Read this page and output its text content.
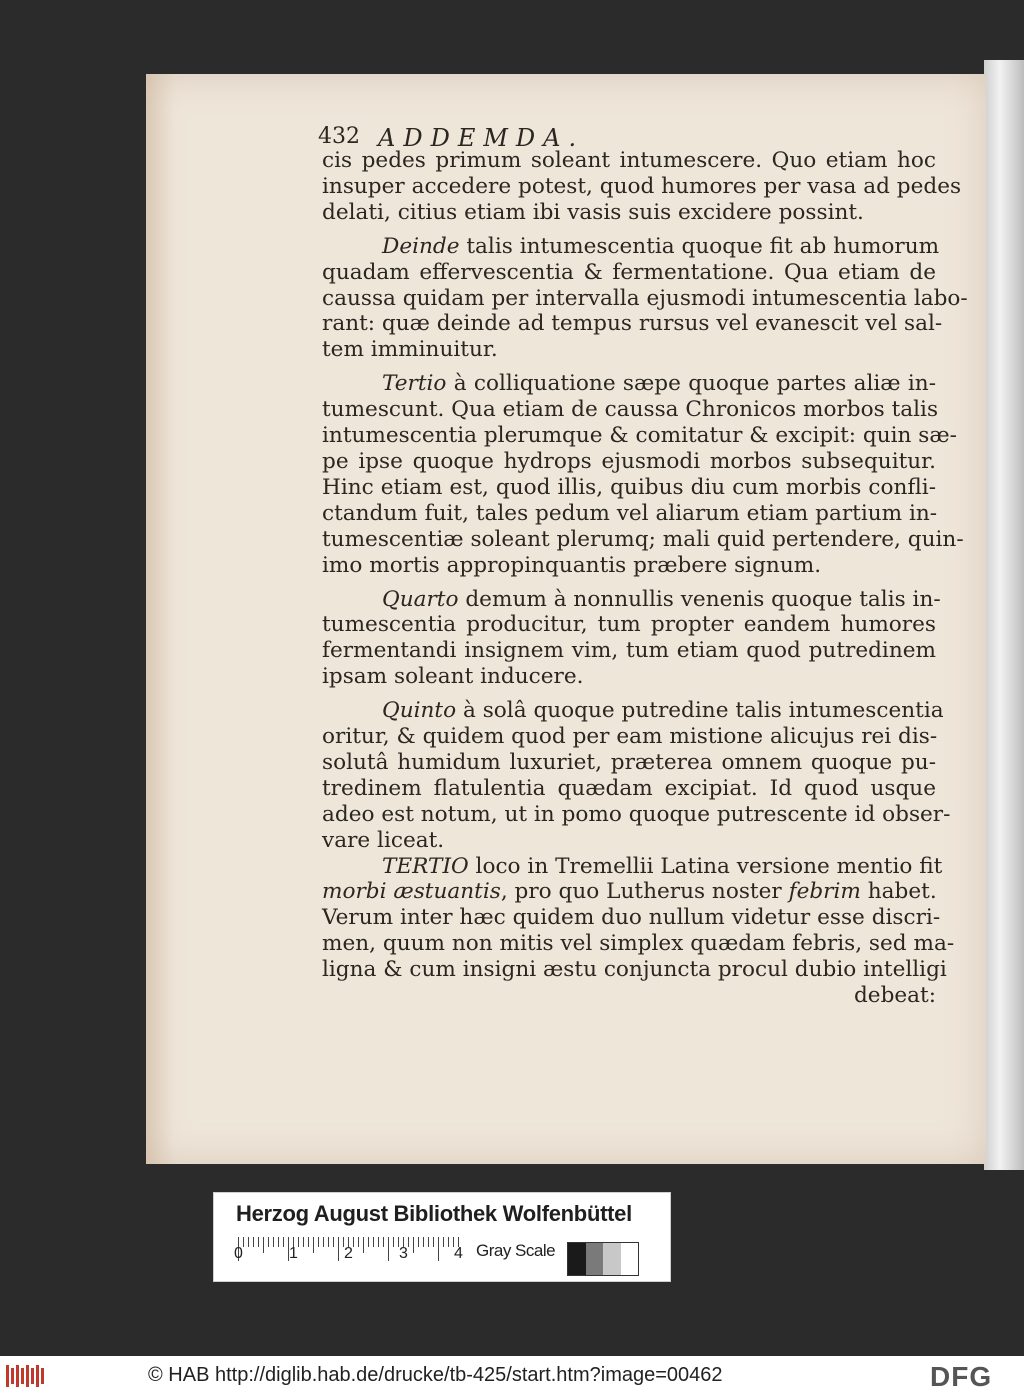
432 ADDEMDA.
cis pedes primum soleant intumescere. Quo etiam hoc
insuper accedere potest, quod humores per vasa ad pedes
delati, citius etiam ibi vasis suis excidere possint.
Deinde talis intumescentia quoque fit ab humorum
quadam effervescentia & fermentatione. Qua etiam de
caussa quidam per intervalla ejusmodi intumescentia labo-
rant: quæ deinde ad tempus rursus vel evanescit vel sal-
tem imminuitur.
Tertio à colliquatione sæpe quoque partes aliæ in-
tumescunt. Qua etiam de caussa Chronicos morbos talis
intumescentia plerumque & comitatur & excipit: quin sæ-
pe ipse quoque hydrops ejusmodi morbos subsequitur.
Hinc etiam est, quod illis, quibus diu cum morbis confli-
ctandum fuit, tales pedum vel aliarum etiam partium in-
tumescentiæ soleant plerumq; mali quid pertendere, quin-
imo mortis appropinquantis præbere signum.
Quarto demum à nonnullis venenis quoque talis in-
tumescentia producitur, tum propter eandem humores
fermentandi insignem vim, tum etiam quod putredinem
ipsam soleant inducere.
Quinto à solâ quoque putredine talis intumescentia
oritur, & quidem quod per eam mistione alicujus rei dis-
solutâ humidum luxuriet, præterea omnem quoque pu-
tredinem flatulentia quædam excipiat. Id quod usque
adeo est notum, ut in pomo quoque putrescente id obser-
vare liceat.
TERTIO loco in Tremellii Latina versione mentio fit
morbi æstuantis, pro quo Lutherus noster febrim habet.
Verum inter hæc quidem duo nullum videtur esse discri-
men, quum non mitis vel simplex quædam febris, sed ma-
ligna & cum insigni æstu conjuncta procul dubio intelligi
debeat:
Herzog August Bibliothek Wolfenbüttel
0	1	2	3	4 Gray Scale
© HAB http://diglib.hab.de/drucke/tb-425/start.htm?image=00462	DFG
